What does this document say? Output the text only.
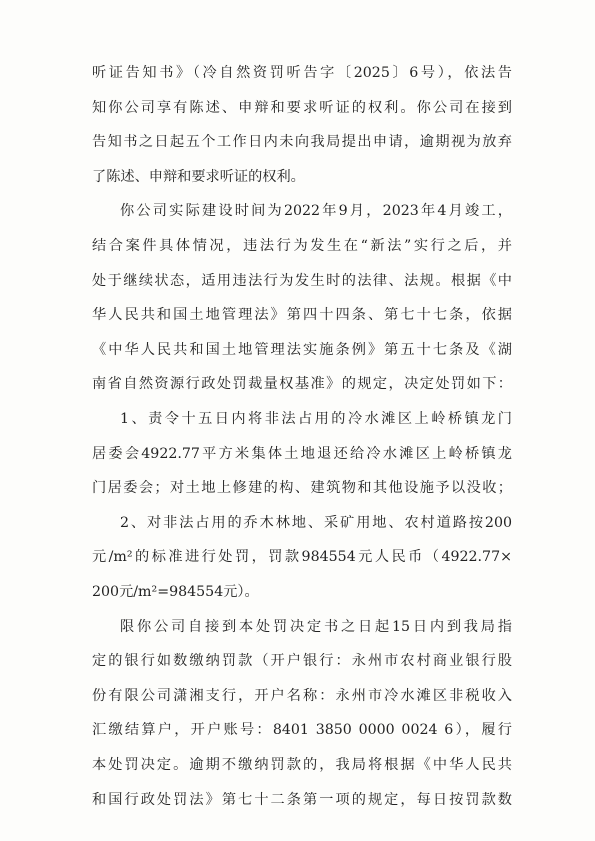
听证告知书》（冷自然资罚听告字〔2025〕6号），依法告
知你公司享有陈述、申辩和要求听证的权利。你公司在接到
告知书之日起五个工作日内未向我局提出申请，逾期视为放弃
了陈述、申辩和要求听证的权利。
你公司实际建设时间为2022年9月，2023年4月竣工，
结合案件具体情况，违法行为发生在“新法”实行之后，并
处于继续状态，适用违法行为发生时的法律、法规。根据《中
华人民共和国土地管理法》第四十四条、第七十七条，依据
《中华人民共和国土地管理法实施条例》第五十七条及《湖
南省自然资源行政处罚裁量权基准》的规定，决定处罚如下：
1、责令十五日内将非法占用的冷水滩区上岭桥镇龙门
居委会4922.77平方米集体土地退还给冷水滩区上岭桥镇龙
门居委会；对土地上修建的构、建筑物和其他设施予以没收；
2、对非法占用的乔木林地、采矿用地、农村道路按200
元/m²的标准进行处罚，罚款984554元人民币（4922.77×
200元/m²=984554元）。
限你公司自接到本处罚决定书之日起15日内到我局指
定的银行如数缴纳罚款（开户银行：永州市农村商业银行股
份有限公司潇湘支行，开户名称：永州市冷水滩区非税收入
汇缴结算户，开户账号：8401 3850 0000 0024 6），履行
本处罚决定。逾期不缴纳罚款的，我局将根据《中华人民共
和国行政处罚法》第七十二条第一项的规定，每日按罚款数
